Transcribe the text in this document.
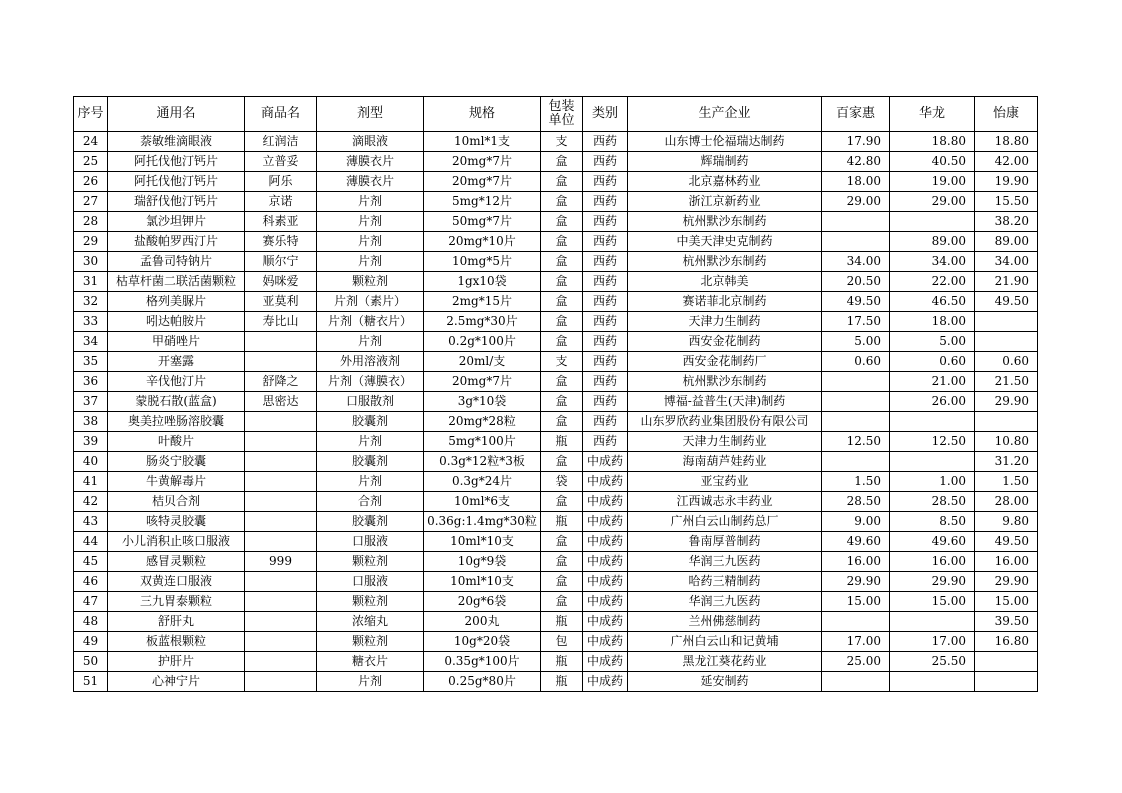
序号	通用名	商品名	剂型	规格	包装单位	类别	生产企业	百家惠	华龙	怡康
24	萘敏维滴眼液	红润洁	滴眼液	10ml*1支	支	西药	山东博士伦福瑞达制药	17.90	18.80	18.80
25	阿托伐他汀钙片	立普妥	薄膜衣片	20mg*7片	盒	西药	辉瑞制药	42.80	40.50	42.00
26	阿托伐他汀钙片	阿乐	薄膜衣片	20mg*7片	盒	西药	北京嘉林药业	18.00	19.00	19.90
27	瑞舒伐他汀钙片	京诺	片剂	5mg*12片	盒	西药	浙江京新药业	29.00	29.00	15.50
28	氯沙坦钾片	科素亚	片剂	50mg*7片	盒	西药	杭州默沙东制药			38.20
29	盐酸帕罗西汀片	赛乐特	片剂	20mg*10片	盒	西药	中美天津史克制药		89.00	89.00
30	孟鲁司特钠片	顺尔宁	片剂	10mg*5片	盒	西药	杭州默沙东制药	34.00	34.00	34.00
31	枯草杆菌二联活菌颗粒	妈咪爱	颗粒剂	1gx10袋	盒	西药	北京韩美	20.50	22.00	21.90
32	格列美脲片	亚莫利	片剂（素片）	2mg*15片	盒	西药	赛诺菲北京制药	49.50	46.50	49.50
33	吲达帕胺片	寿比山	片剂（糖衣片）	2.5mg*30片	盒	西药	天津力生制药	17.50	18.00	
34	甲硝唑片		片剂	0.2g*100片	盒	西药	西安金花制药	5.00	5.00	
35	开塞露		外用溶液剂	20ml/支	支	西药	西安金花制药厂	0.60	0.60	0.60
36	辛伐他汀片	舒降之	片剂（薄膜衣）	20mg*7片	盒	西药	杭州默沙东制药		21.00	21.50
37	蒙脱石散(蓝盒)	思密达	口服散剂	3g*10袋	盒	西药	博福-益普生(天津)制药		26.00	29.90
38	奥美拉唑肠溶胶囊		胶囊剂	20mg*28粒	盒	西药	山东罗欣药业集团股份有限公司			
39	叶酸片		片剂	5mg*100片	瓶	西药	天津力生制药业	12.50	12.50	10.80
40	肠炎宁胶囊		胶囊剂	0.3g*12粒*3板	盒	中成药	海南葫芦娃药业			31.20
41	牛黄解毒片		片剂	0.3g*24片	袋	中成药	亚宝药业	1.50	1.00	1.50
42	桔贝合剂		合剂	10ml*6支	盒	中成药	江西诚志永丰药业	28.50	28.50	28.00
43	咳特灵胶囊		胶囊剂	0.36g:1.4mg*30粒	瓶	中成药	广州白云山制药总厂	9.00	8.50	9.80
44	小儿消积止咳口服液		口服液	10ml*10支	盒	中成药	鲁南厚普制药	49.60	49.60	49.50
45	感冒灵颗粒	999	颗粒剂	10g*9袋	盒	中成药	华润三九医药	16.00	16.00	16.00
46	双黄连口服液		口服液	10ml*10支	盒	中成药	哈药三精制药	29.90	29.90	29.90
47	三九胃泰颗粒		颗粒剂	20g*6袋	盒	中成药	华润三九医药	15.00	15.00	15.00
48	舒肝丸		浓缩丸	200丸	瓶	中成药	兰州佛慈制药			39.50
49	板蓝根颗粒		颗粒剂	10g*20袋	包	中成药	广州白云山和记黄埔	17.00	17.00	16.80
50	护肝片		糖衣片	0.35g*100片	瓶	中成药	黑龙江葵花药业	25.00	25.50	
51	心神宁片		片剂	0.25g*80片	瓶	中成药	延安制药			
